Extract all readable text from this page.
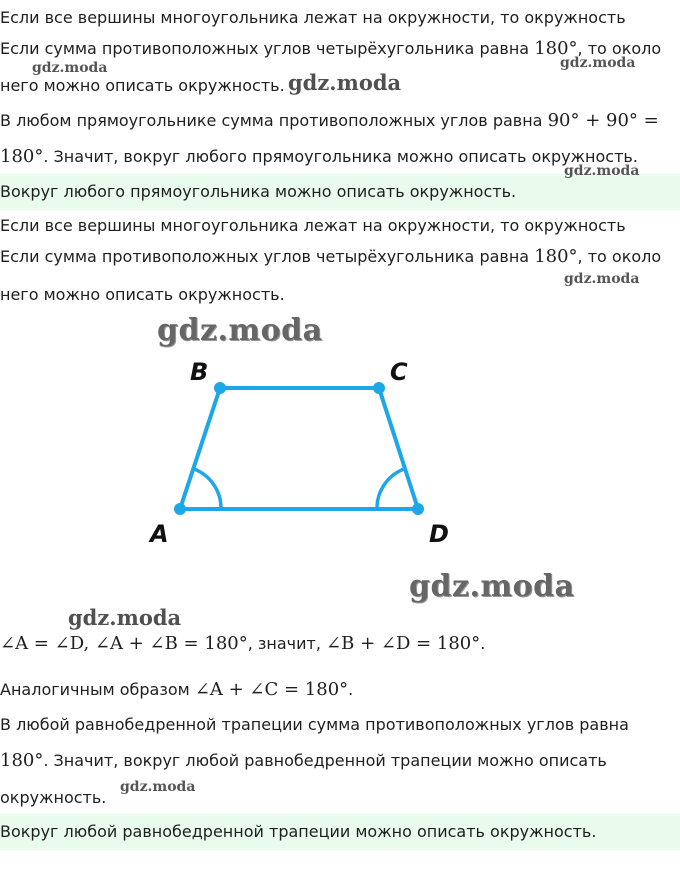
Если все вершины многоугольника лежат на окружности, то окружность
Если сумма противоположных углов четырёхугольника равна 180°, то около
него можно описать окружность.
В любом прямоугольнике сумма противоположных углов равна 90° + 90° =
180°. Значит, вокруг любого прямоугольника можно описать окружность.
Вокруг любого прямоугольника можно описать окружность.
Если все вершины многоугольника лежат на окружности, то окружность
Если сумма противоположных углов четырёхугольника равна 180°, то около
него можно описать окружность.
B	C
A	D
∠A = ∠D, ∠A + ∠B = 180°, значит, ∠B + ∠D = 180°.
Аналогичным образом ∠A + ∠C = 180°.
В любой равнобедренной трапеции сумма противоположных углов равна
180°. Значит, вокруг любой равнобедренной трапеции можно описать
окружность.
Вокруг любой равнобедренной трапеции можно описать окружность.
gdz.moda	gdz.moda
gdz.moda
gdz.moda
gdz.moda
gdz.moda
gdz.moda
gdz.moda
gdz.moda
